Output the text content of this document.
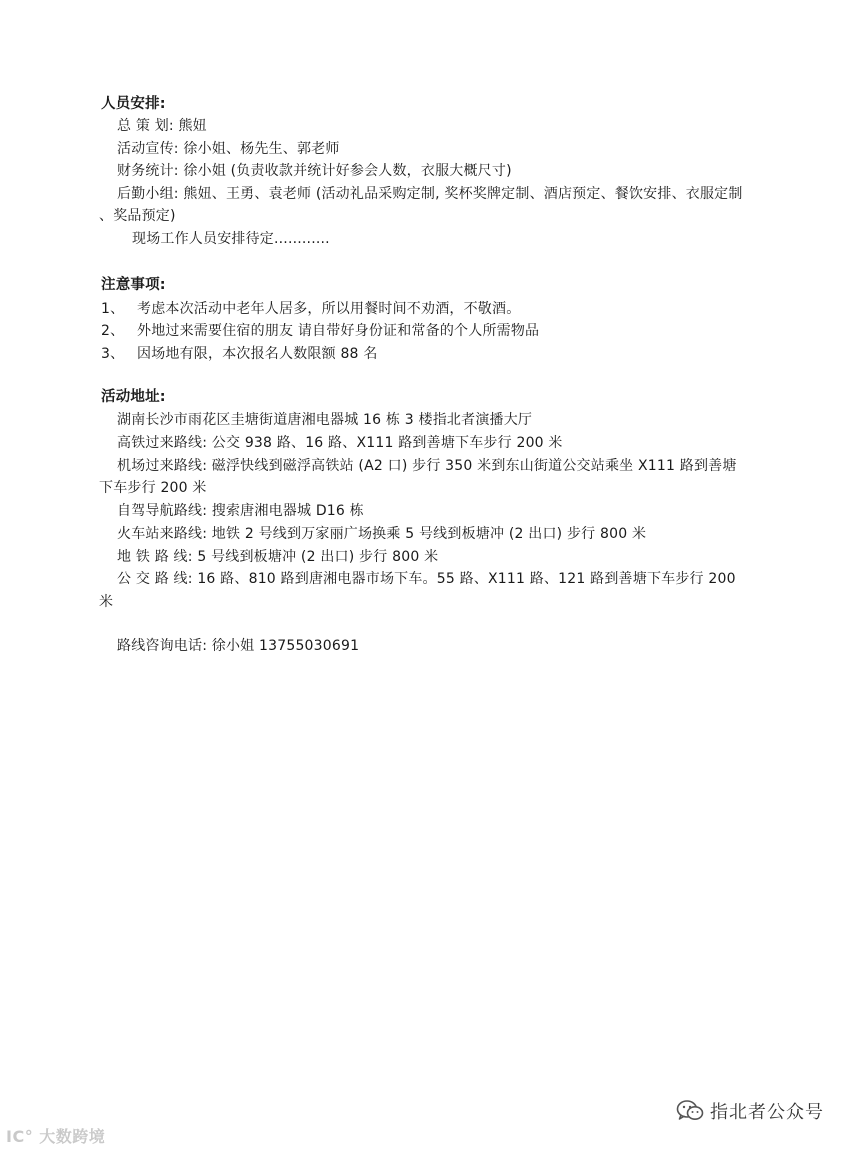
人员安排:
总 策 划: 熊妞
活动宣传: 徐小姐、杨先生、郭老师
财务统计: 徐小姐 (负责收款并统计好参会人数，衣服大概尺寸)
后勤小组: 熊妞、王勇、袁老师 (活动礼品采购定制, 奖杯奖牌定制、酒店预定、餐饮安排、衣服定制
、奖品预定)
现场工作人员安排待定............
注意事项:
1、 考虑本次活动中老年人居多，所以用餐时间不劝酒，不敬酒。
2、 外地过来需要住宿的朋友 请自带好身份证和常备的个人所需物品
3、 因场地有限，本次报名人数限额 88 名
活动地址:
湖南长沙市雨花区圭塘街道唐湘电器城 16 栋 3 楼指北者演播大厅
高铁过来路线: 公交 938 路、16 路、X111 路到善塘下车步行 200 米
机场过来路线: 磁浮快线到磁浮高铁站 (A2 口) 步行 350 米到东山街道公交站乘坐 X111 路到善塘
下车步行 200 米
自驾导航路线: 搜索唐湘电器城 D16 栋
火车站来路线: 地铁 2 号线到万家丽广场换乘 5 号线到板塘冲 (2 出口) 步行 800 米
地 铁 路 线: 5 号线到板塘冲 (2 出口) 步行 800 米
公 交 路 线: 16 路、810 路到唐湘电器市场下车。55 路、X111 路、121 路到善塘下车步行 200
米
路线咨询电话: 徐小姐 13755030691
IC° 大数跨境
指北者公众号
